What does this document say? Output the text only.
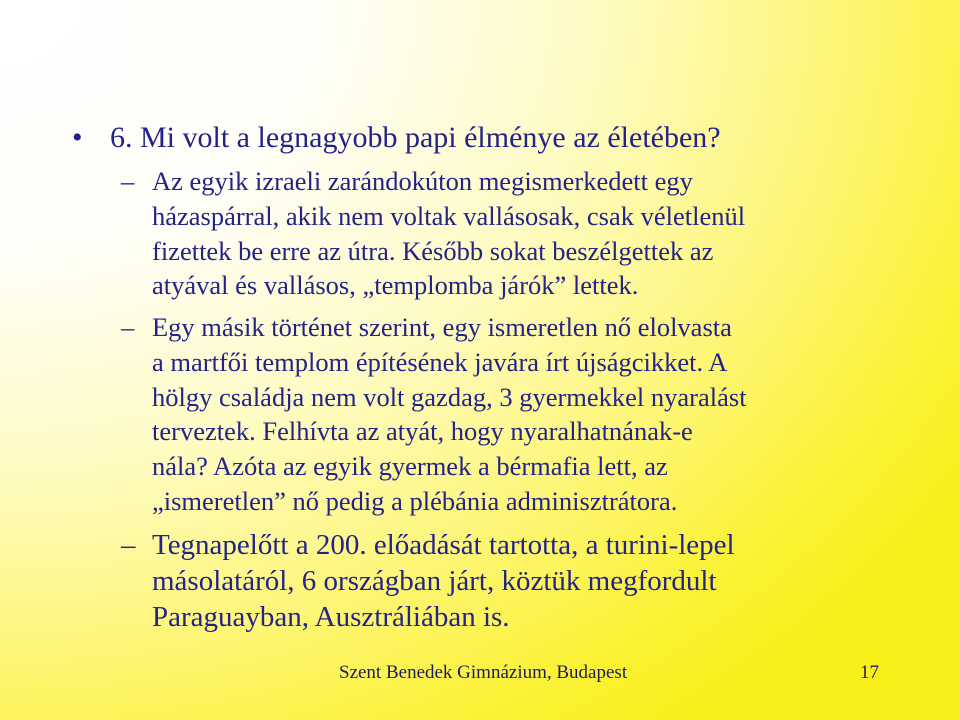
• 6. Mi volt a legnagyobb papi élménye az életében?
– Az egyik izraeli zarándokúton megismerkedett egy
házaspárral, akik nem voltak vallásosak, csak véletlenül
fizettek be erre az útra. Később sokat beszélgettek az
atyával és vallásos, „templomba járók” lettek.
– Egy másik történet szerint, egy ismeretlen nő elolvasta
a martfői templom építésének javára írt újságcikket. A
hölgy családja nem volt gazdag, 3 gyermekkel nyaralást
terveztek. Felhívta az atyát, hogy nyaralhatnának-e
nála? Azóta az egyik gyermek a bérmafia lett, az
„ismeretlen” nő pedig a plébánia adminisztrátora.
– Tegnapelőtt a 200. előadását tartotta, a turini-lepel
másolatáról, 6 országban járt, köztük megfordult
Paraguayban, Ausztráliában is.
Szent Benedek Gimnázium, Budapest	17
